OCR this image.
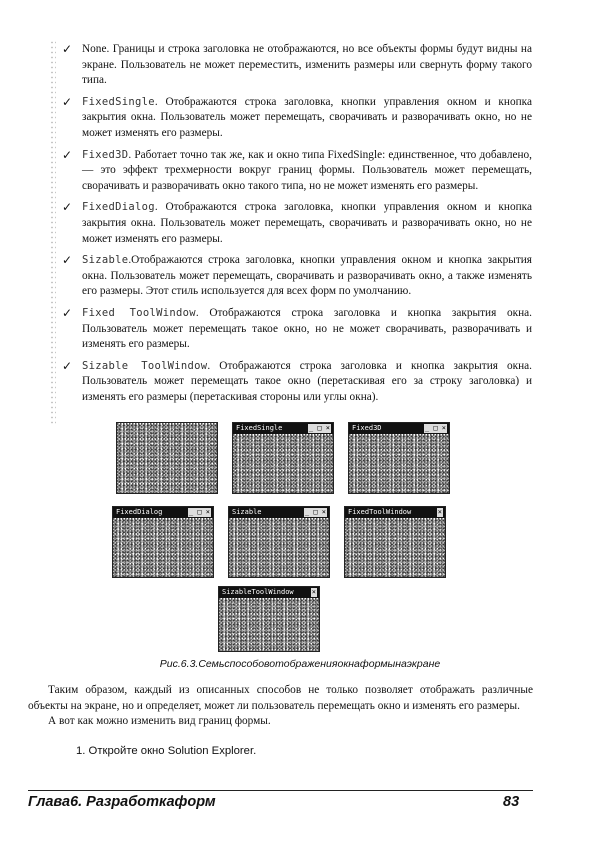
✓ None. Границы и строка заголовка не отображаются, но все объекты формы будут видны на экране. Пользователь не может переместить, изменить размеры или свернуть форму такого типа.
✓ FixedSingle. Отображаются строка заголовка, кнопки управления окном и кнопка закрытия окна. Пользователь может перемещать, сворачивать и разворачивать окно, но не может изменять его размеры.
✓ Fixed3D. Работает точно так же, как и окно типа FixedSingle: единственное, что добавлено, — это эффект трехмерности вокруг границ формы. Пользователь может перемещать, сворачивать и разворачивать окно такого типа, но не может изменять его размеры.
✓ FixedDialog. Отображаются строка заголовка, кнопки управления окном и кнопка закрытия окна. Пользователь может перемещать, сворачивать и разворачивать окно, но не может изменять его размеры.
✓ Sizable.Отображаются строка заголовка, кнопки управления окном и кнопка закрытия окна. Пользователь может перемещать, сворачивать и разворачивать окно, а также изменять его размеры. Этот стиль используется для всех форм по умолчанию.
✓ Fixed ToolWindow. Отображаются строка заголовка и кнопка закрытия окна. Пользователь может перемещать такое окно, но не может сворачивать, разворачивать и изменять его размеры.
✓ Sizable ToolWindow. Отображаются строка заголовка и кнопка закрытия окна. Пользователь может перемещать такое окно (перетаскивая его за строку заголовка) и изменять его размеры (перетаскивая стороны или углы окна).
FixedSingle	_ □ ×	Fixed3D	_ □ ×
FixedDialog	_ □ ×	Sizable	_ □ ×	FixedToolWindow	×
SizableToolWindow	×
Рис.6.3.Семьспособовотображенияокнаформынаэкране

Таким образом, каждый из описанных способов не только позволяет отображать различные объекты на экране, но и определяет, может ли пользователь перемещать окно и изменять его размеры.

А вот как можно изменить вид границ формы.

1. Откройте окно Solution Explorer.
Глава6. Разработкаформ	83
